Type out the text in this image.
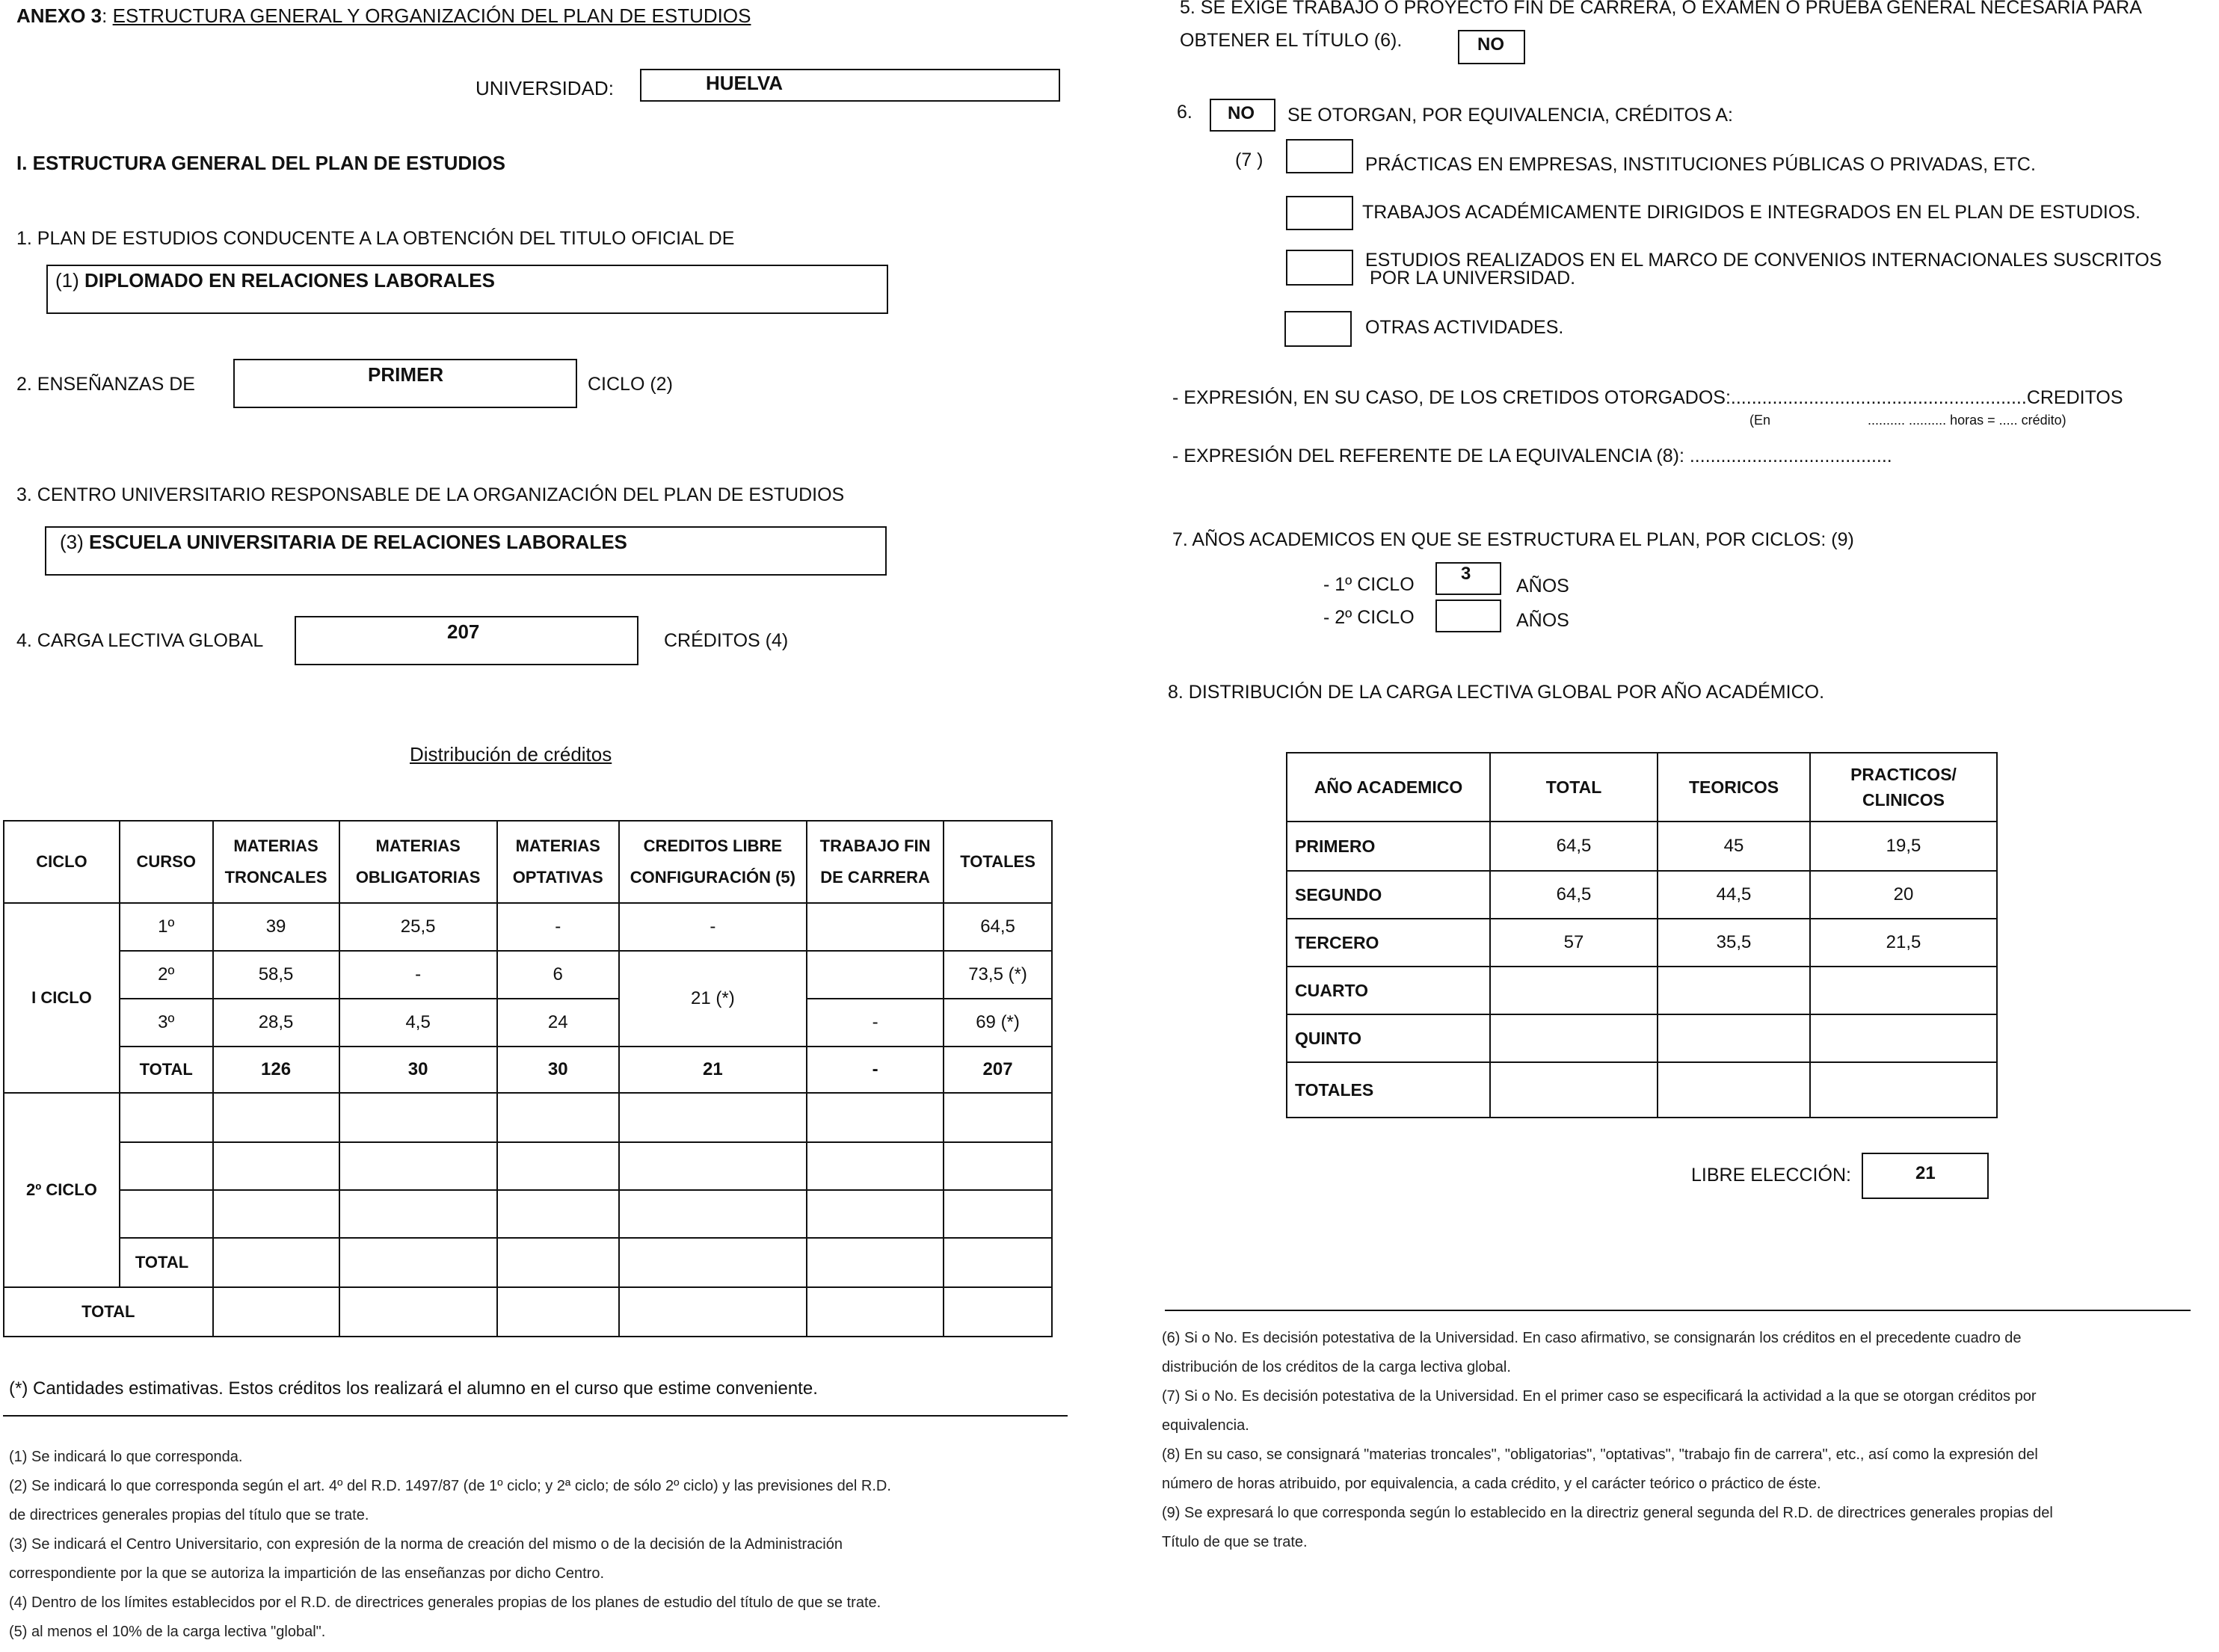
ANEXO 3: ESTRUCTURA GENERAL Y ORGANIZACIÓN DEL PLAN DE ESTUDIOS
UNIVERSIDAD:	HUELVA
I. ESTRUCTURA GENERAL DEL PLAN DE ESTUDIOS
1. PLAN DE ESTUDIOS CONDUCENTE A LA OBTENCIÓN DEL TITULO OFICIAL DE
(1) DIPLOMADO EN RELACIONES LABORALES
2. ENSEÑANZAS DE	PRIMER	CICLO (2)
3. CENTRO UNIVERSITARIO RESPONSABLE DE LA ORGANIZACIÓN DEL PLAN DE ESTUDIOS
(3) ESCUELA UNIVERSITARIA DE RELACIONES LABORALES
4. CARGA LECTIVA GLOBAL	207	CRÉDITOS (4)
Distribución de créditos
CICLO	CURSO	MATERIAS TRONCALES	MATERIAS OBLIGATORIAS	MATERIAS OPTATIVAS	CREDITOS LIBRE CONFIGURACIÓN (5)	TRABAJO FIN DE CARRERA	TOTALES
I CICLO	1º	39	25,5	-	-		64,5
	2º	58,5	-	6	21 (*)		73,5 (*)
	3º	28,5	4,5	24		-	69 (*)
	TOTAL	126	30	30	21	-	207
2º CICLO							

	TOTAL						
TOTAL							
(*) Cantidades estimativas. Estos créditos los realizará el alumno en el curso que estime conveniente.
(1) Se indicará lo que corresponda.
(2) Se indicará lo que corresponda según el art. 4º del R.D. 1497/87 (de 1º ciclo; y 2ª ciclo; de sólo 2º ciclo) y las previsiones del R.D.
de directrices generales propias del título que se trate.
(3) Se indicará el Centro Universitario, con expresión de la norma de creación del mismo o de la decisión de la Administración
correspondiente por la que se autoriza la impartición de las enseñanzas por dicho Centro.
(4) Dentro de los límites establecidos por el R.D. de directrices generales propias de los planes de estudio del título de que se trate.
(5) al menos el 10% de la carga lectiva "global".
5. SE EXIGE TRABAJO O PROYECTO FIN DE CARRERA, O EXAMEN O PRUEBA GENERAL NECESARIA PARA
OBTENER EL TÍTULO (6).	NO
6. NO SE OTORGAN, POR EQUIVALENCIA, CRÉDITOS A:
(7 )	PRÁCTICAS EN EMPRESAS, INSTITUCIONES PÚBLICAS O PRIVADAS, ETC.
TRABAJOS ACADÉMICAMENTE DIRIGIDOS E INTEGRADOS EN EL PLAN DE ESTUDIOS.
ESTUDIOS REALIZADOS EN EL MARCO DE CONVENIOS INTERNACIONALES SUSCRITOS
POR LA UNIVERSIDAD.
OTRAS ACTIVIDADES.
- EXPRESIÓN, EN SU CASO, DE LOS CRETIDOS OTORGADOS:.........................................................CREDITOS
(En	.......... .......... horas = ..... crédito)
- EXPRESIÓN DEL REFERENTE DE LA EQUIVALENCIA (8): .......................................
7. AÑOS ACADEMICOS EN QUE SE ESTRUCTURA EL PLAN, POR CICLOS: (9)
- 1º CICLO
3
AÑOS
- 2º CICLO	AÑOS
8. DISTRIBUCIÓN DE LA CARGA LECTIVA GLOBAL POR AÑO ACADÉMICO.
AÑO ACADEMICO	TOTAL	TEORICOS	PRACTICOS/
CLINICOS

PRIMERO	64,5	45	19,5
SEGUNDO	64,5	44,5	20
TERCERO	57	35,5	21,5
CUARTO			
QUINTO			
TOTALES			
LIBRE ELECCIÓN:	21
(6) Si o No. Es decisión potestativa de la Universidad. En caso afirmativo, se consignarán los créditos en el precedente cuadro de
distribución de los créditos de la carga lectiva global.
(7) Si o No. Es decisión potestativa de la Universidad. En el primer caso se especificará la actividad a la que se otorgan créditos por
equivalencia.
(8) En su caso, se consignará "materias troncales", "obligatorias", "optativas", "trabajo fin de carrera", etc., así como la expresión del
número de horas atribuido, por equivalencia, a cada crédito, y el carácter teórico o práctico de éste.
(9) Se expresará lo que corresponda según lo establecido en la directriz general segunda del R.D. de directrices generales propias del
Título de que se trate.
